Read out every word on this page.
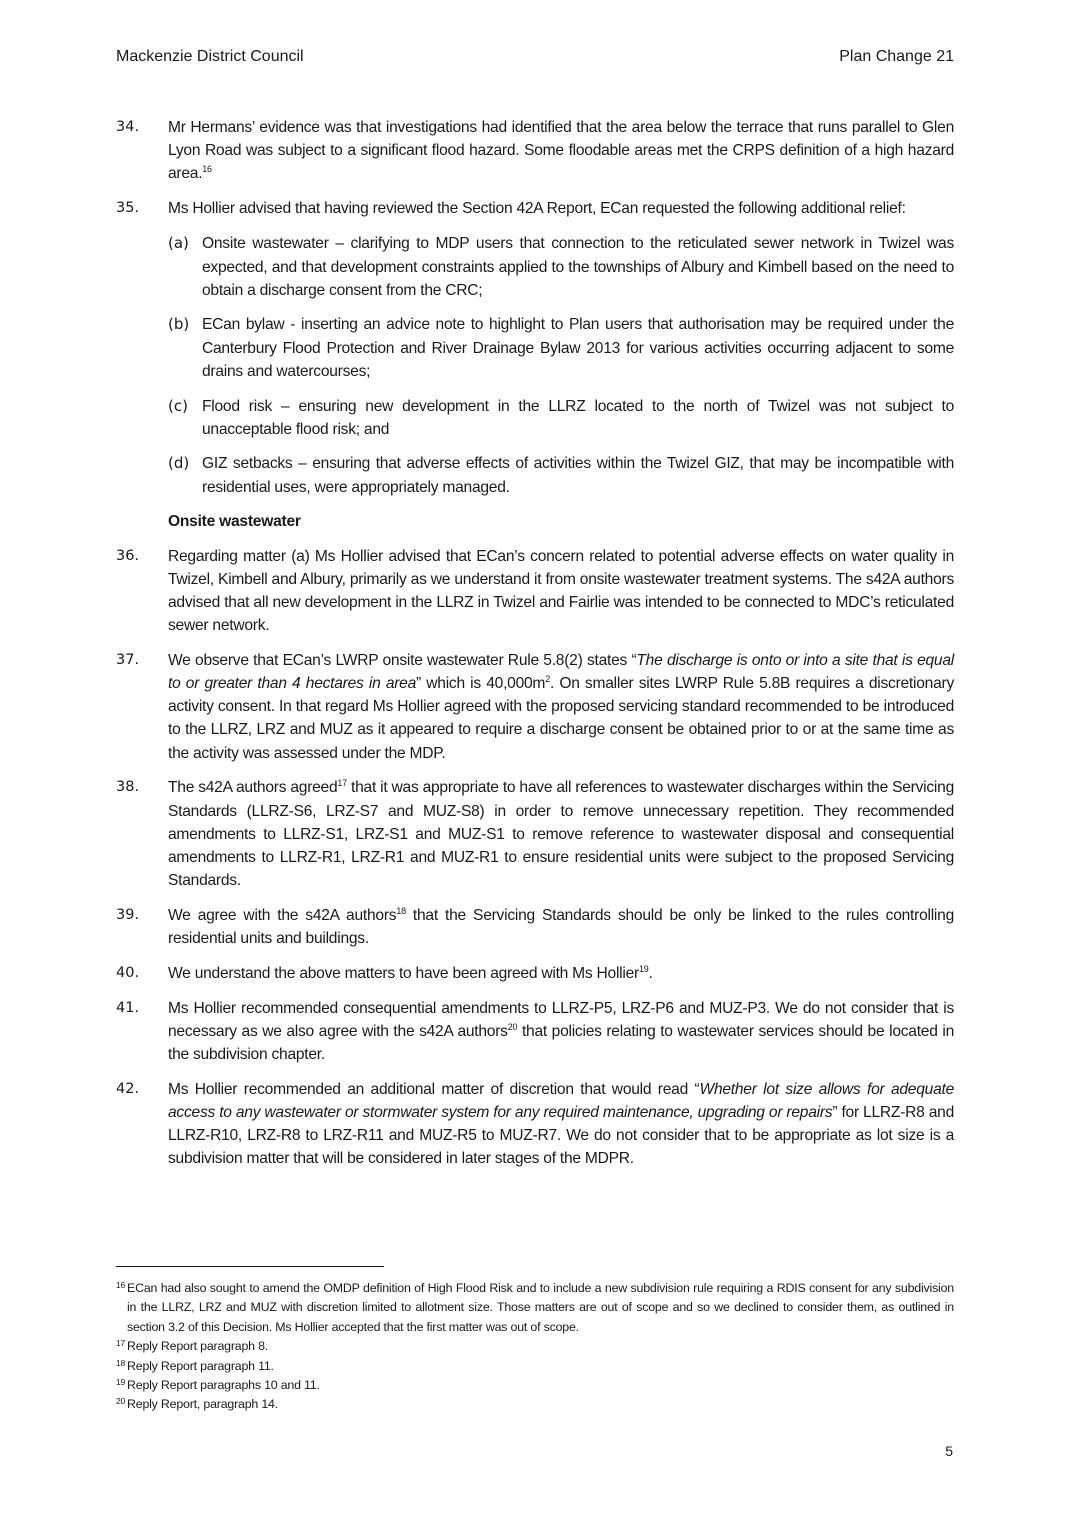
Mackenzie District Council	Plan Change 21
34. Mr Hermans’ evidence was that investigations had identified that the area below the terrace that runs parallel to Glen Lyon Road was subject to a significant flood hazard. Some floodable areas met the CRPS definition of a high hazard area.$^{16}$
35. Ms Hollier advised that having reviewed the Section 42A Report, ECan requested the following additional relief:
(a) Onsite wastewater – clarifying to MDP users that connection to the reticulated sewer network in Twizel was expected, and that development constraints applied to the townships of Albury and Kimbell based on the need to obtain a discharge consent from the CRC;
(b) ECan bylaw - inserting an advice note to highlight to Plan users that authorisation may be required under the Canterbury Flood Protection and River Drainage Bylaw 2013 for various activities occurring adjacent to some drains and watercourses;
(c) Flood risk – ensuring new development in the LLRZ located to the north of Twizel was not subject to unacceptable flood risk; and
(d) GIZ setbacks – ensuring that adverse effects of activities within the Twizel GIZ, that may be incompatible with residential uses, were appropriately managed.
Onsite wastewater
36. Regarding matter (a) Ms Hollier advised that ECan’s concern related to potential adverse effects on water quality in Twizel, Kimbell and Albury, primarily as we understand it from onsite wastewater treatment systems. The s42A authors advised that all new development in the LLRZ in Twizel and Fairlie was intended to be connected to MDC’s reticulated sewer network.
37. We observe that ECan’s LWRP onsite wastewater Rule 5.8(2) states “The discharge is onto or into a site that is equal to or greater than 4 hectares in area” which is $40,000m^2$. On smaller sites LWRP Rule 5.8B requires a discretionary activity consent. In that regard Ms Hollier agreed with the proposed servicing standard recommended to be introduced to the LLRZ, LRZ and MUZ as it appeared to require a discharge consent be obtained prior to or at the same time as the activity was assessed under the MDP.
38. The s42A authors agreed$^{17}$ that it was appropriate to have all references to wastewater discharges within the Servicing Standards (LLRZ-S6, LRZ-S7 and MUZ-S8) in order to remove unnecessary repetition. They recommended amendments to LLRZ-S1, LRZ-S1 and MUZ-S1 to remove reference to wastewater disposal and consequential amendments to LLRZ-R1, LRZ-R1 and MUZ-R1 to ensure residential units were subject to the proposed Servicing Standards.
39. We agree with the s42A authors$^{18}$ that the Servicing Standards should be only be linked to the rules controlling residential units and buildings.
40. We understand the above matters to have been agreed with Ms Hollier$^{19}$.
41. Ms Hollier recommended consequential amendments to LLRZ-P5, LRZ-P6 and MUZ-P3. We do not consider that is necessary as we also agree with the s42A authors$^{20}$ that policies relating to wastewater services should be located in the subdivision chapter.
42. Ms Hollier recommended an additional matter of discretion that would read “Whether lot size allows for adequate access to any wastewater or stormwater system for any required maintenance, upgrading or repairs” for LLRZ-R8 and LLRZ-R10, LRZ-R8 to LRZ-R11 and MUZ-R5 to MUZ-R7. We do not consider that to be appropriate as lot size is a subdivision matter that will be considered in later stages of the MDPR.
16 ECan had also sought to amend the OMDP definition of High Flood Risk and to include a new subdivision rule requiring a RDIS consent for any subdivision in the LLRZ, LRZ and MUZ with discretion limited to allotment size. Those matters are out of scope and so we declined to consider them, as outlined in section 3.2 of this Decision. Ms Hollier accepted that the first matter was out of scope.
17 Reply Report paragraph 8.
18 Reply Report paragraph 11.
19 Reply Report paragraphs 10 and 11.
20 Reply Report, paragraph 14.
5
